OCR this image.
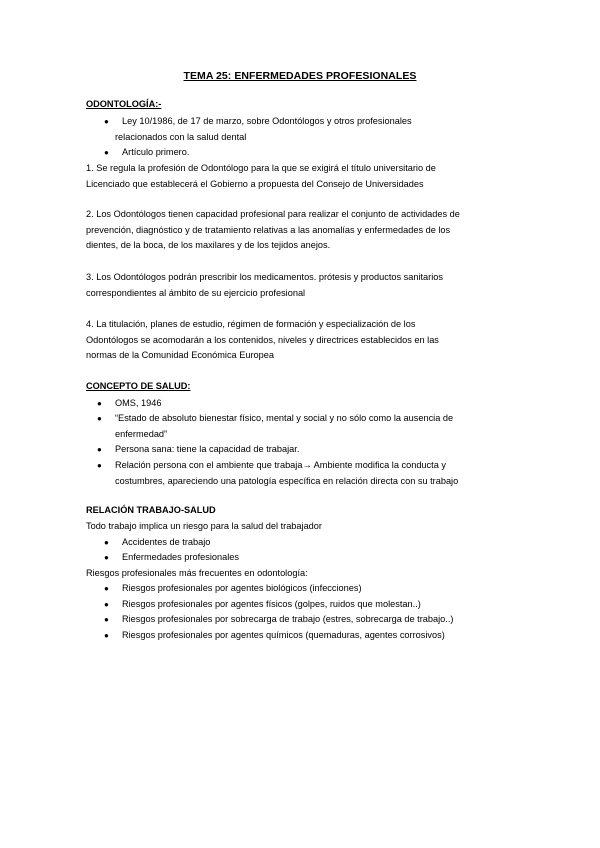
TEMA 25: ENFERMEDADES PROFESIONALES
ODONTOLOGÍA:-
● Ley 10/1986, de 17 de marzo, sobre Odontólogos y otros profesionales
relacionados con la salud dental
● Artículo primero.
1. Se regula la profesión de Odontólogo para la que se exigirá el título universitario de
Licenciado que establecerá el Gobierno a propuesta del Consejo de Universidades
2. Los Odontólogos tienen capacidad profesional para realizar el conjunto de actividades de
prevención, diagnóstico y de tratamiento relativas a las anomalías y enfermedades de los
dientes, de la boca, de los maxilares y de los tejidos anejos.
3. Los Odontólogos podrán prescribir los medicamentos. prótesis y productos sanitarios
correspondientes al ámbito de su ejercicio profesional
4. La titulación, planes de estudio, régimen de formación y especialización de los
Odontólogos se acomodarán a los contenidos, niveles y directrices establecidos en las
normas de la Comunidad Económica Europea
CONCEPTO DE SALUD:
● OMS, 1946
● “Estado de absoluto bienestar físico, mental y social y no sólo como la ausencia de
enfermedad”
● Persona sana: tiene la capacidad de trabajar.
● Relación persona con el ambiente que trabaja→ Ambiente modifica la conducta y
costumbres, apareciendo una patología específica en relación directa con su trabajo
RELACIÓN TRABAJO-SALUD
Todo trabajo implica un riesgo para la salud del trabajador
● Accidentes de trabajo
● Enfermedades profesionales
Riesgos profesionales más frecuentes en odontología:
● Riesgos profesionales por agentes biológicos (infecciones)
● Riesgos profesionales por agentes físicos (golpes, ruidos que molestan..)
● Riesgos profesionales por sobrecarga de trabajo (estres, sobrecarga de trabajo..)
● Riesgos profesionales por agentes químicos (quemaduras, agentes corrosivos)
